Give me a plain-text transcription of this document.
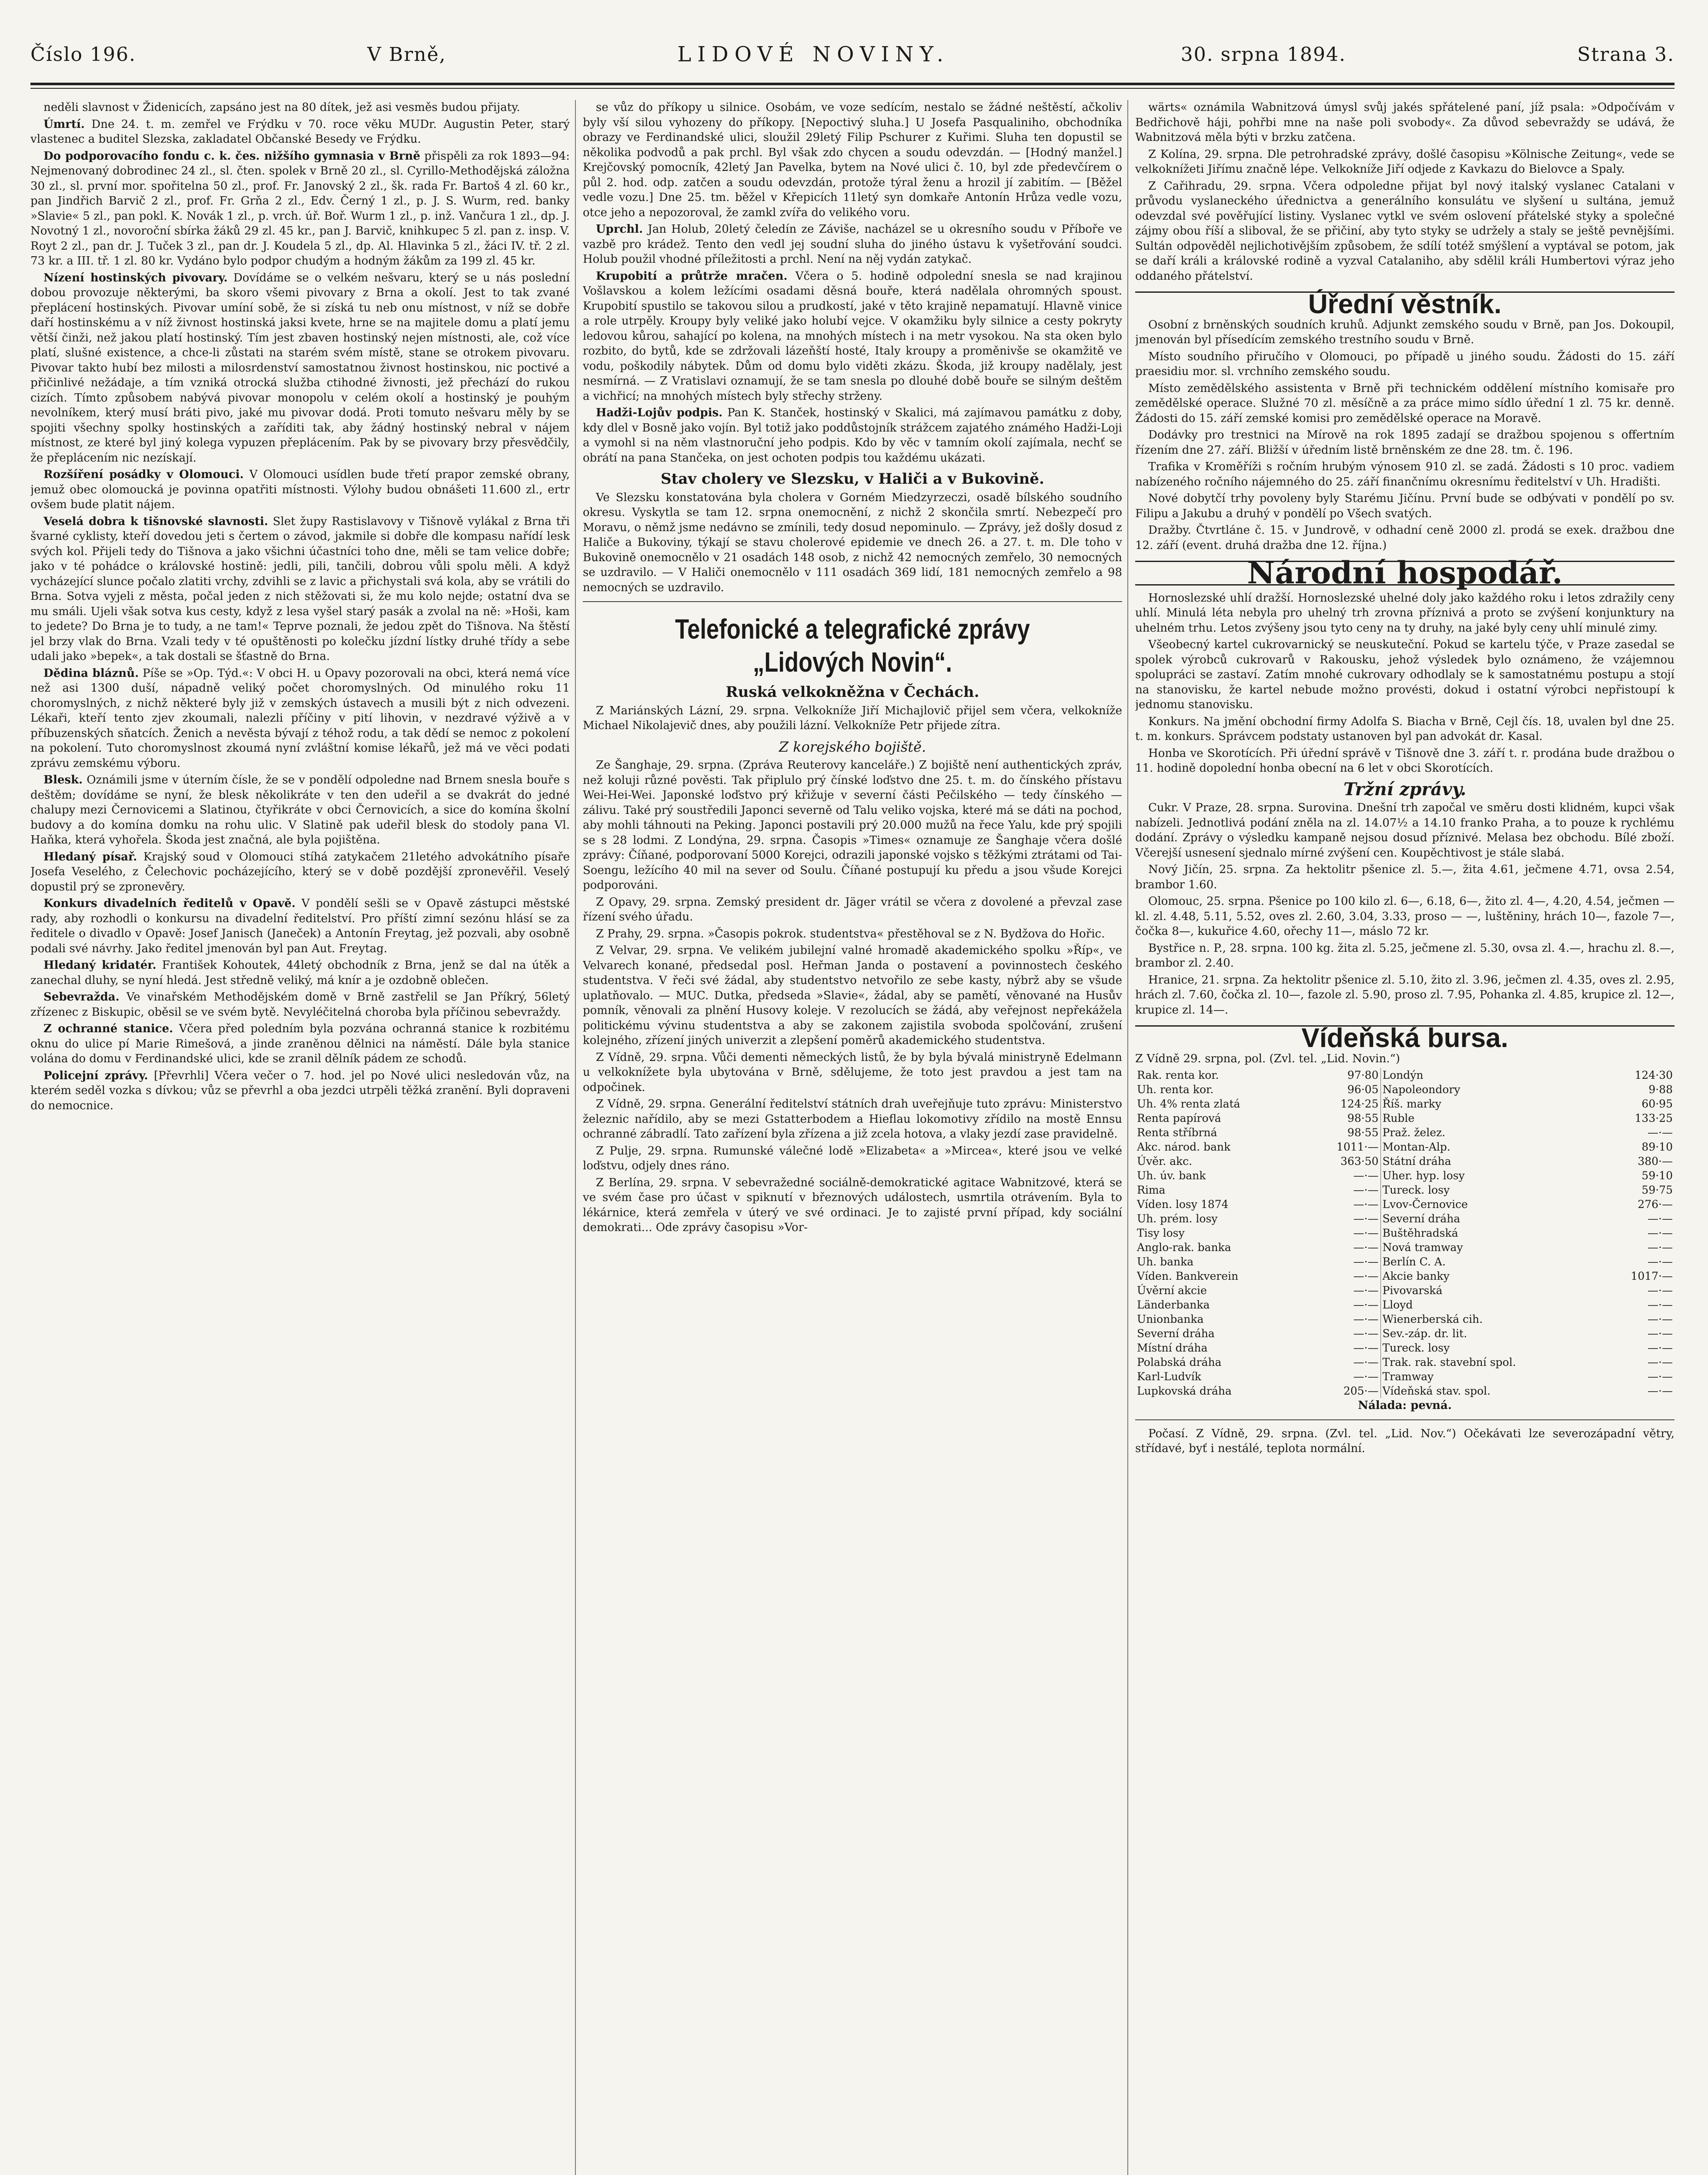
Číslo 196.	V Brně,	LIDOVÉ NOVINY.	30. srpna 1894.	Strana 3.

neděli slavnost v Židenicích, zapsáno jest na 80 dítek, jež asi vesměs budou přijaty.

Úmrtí. Dne 24. t. m. zemřel ve Frýdku v 70. roce věku MUDr. Augustin Peter, starý vlastenec a buditel Slezska, zakladatel Občanské Besedy ve Frýdku.

Do podporovacího fondu c. k. čes. nižšího gymnasia v Brně přispěli za rok 1893—94: Nejmenovaný dobrodinec 24 zl., sl. čten. spolek v Brně 20 zl., sl. Cyrillo-Methodějská záložna 30 zl., sl. první mor. spořitelna 50 zl., prof. Fr. Janovský 2 zl., šk. rada Fr. Bartoš 4 zl. 60 kr., pan Jindřich Barvič 2 zl., prof. Fr. Grňa 2 zl., Edv. Černý 1 zl., p. J. S. Wurm, red. banky »Slavie« 5 zl., pan pokl. K. Novák 1 zl., p. vrch. úř. Boř. Wurm 1 zl., p. inž. Vančura 1 zl., dp. J. Novotný 1 zl., novoroční sbírka žáků 29 zl. 45 kr., pan J. Barvič, knihkupec 5 zl. pan z. insp. V. Royt 2 zl., pan dr. J. Tuček 3 zl., pan dr. J. Koudela 5 zl., dp. Al. Hlavinka 5 zl., žáci IV. tř. 2 zl. 73 kr. a III. tř. 1 zl. 80 kr. Vydáno bylo podpor chudým a hodným žákům za 199 zl. 45 kr.

Nízení hostinských pivovary. Dovídáme se o velkém nešvaru, který se u nás poslední dobou provozuje některými, ba skoro všemi pivovary z Brna a okolí. Jest to tak zvané přeplácení hostinských. Pivovar umíní sobě, že si získá tu neb onu místnost, v níž se dobře daří hostinskému a v níž živnost hostinská jaksi kvete, hrne se na majitele domu a platí jemu větší činži, než jakou platí hostinský. Tím jest zbaven hostinský nejen místnosti, ale, což více platí, slušné existence, a chce-li zůstati na starém svém místě, stane se otrokem pivovaru. Pivovar takto hubí bez milosti a milosrdenství samostatnou živnost hostinskou, nic poctivé a přičinlivé nežádaje, a tím vzniká otrocká služba ctihodné živnosti, jež přechází do rukou cizích. Tímto způsobem nabývá pivovar monopolu v celém okolí a hostinský je pouhým nevolníkem, který musí bráti pivo, jaké mu pivovar dodá. Proti tomuto nešvaru měly by se spojiti všechny spolky hostinských a zaříditi tak, aby žádný hostinský nebral v nájem místnost, ze které byl jiný kolega vypuzen přeplácením. Pak by se pivovary brzy přesvědčily, že přeplácením nic nezískají.

Rozšíření posádky v Olomouci. V Olomouci usídlen bude třetí prapor zemské obrany, jemuž obec olomoucká je povinna opatřiti místnosti. Výlohy budou obnášeti 11.600 zl., ertr ovšem bude platit nájem.

Veselá dobra k tišnovské slavnosti. Slet župy Rastislavovy v Tišnově vylákal z Brna tři švarné cyklisty, kteří dovedou jeti s čertem o závod, jakmile si dobře dle kompasu nařídí lesk svých kol. Přijeli tedy do Tišnova a jako všichni účastníci toho dne, měli se tam velice dobře; jako v té pohádce o královské hostině: jedli, pili, tančili, dobrou vůli spolu měli. A když vycházející slunce počalo zlatiti vrchy, zdvihli se z lavic a přichystali svá kola, aby se vrátili do Brna. Sotva vyjeli z města, počal jeden z nich stěžovati si, že mu kolo nejde; ostatní dva se mu smáli. Ujeli však sotva kus cesty, když z lesa vyšel starý pasák a zvolal na ně: »Hoši, kam to jedete? Do Brna je to tudy, a ne tam!« Teprve poznali, že jedou zpět do Tišnova. Na štěstí jel brzy vlak do Brna. Vzali tedy v té opuštěnosti po kolečku jízdní lístky druhé třídy a sebe udali jako »bepek«, a tak dostali se šťastně do Brna.

Dědina bláznů. Píše se »Op. Týd.«: V obci H. u Opavy pozorovali na obci, která nemá více než asi 1300 duší, nápadně veliký počet choromyslných. Od minulého roku 11 choromyslných, z nichž některé byly již v zemských ústavech a musili být z nich odvezeni. Lékaři, kteří tento zjev zkoumali, nalezli příčiny v pití lihovin, v nezdravé výživě a v příbuzenských sňatcích. Ženich a nevěsta bývají z téhož rodu, a tak dědí se nemoc z pokolení na pokolení. Tuto choromyslnost zkoumá nyní zvláštní komise lékařů, jež má ve věci podati zprávu zemskému výboru.

Blesk. Oznámili jsme v úterním čísle, že se v pondělí odpoledne nad Brnem snesla bouře s deštěm; dovídáme se nyní, že blesk několikráte v ten den udeřil a se dvakrát do jedné chalupy mezi Černovicemi a Slatinou, čtyřikráte v obci Černovicích, a sice do komína školní budovy a do komína domku na rohu ulic. V Slatině pak udeřil blesk do stodoly pana Vl. Haňka, která vyhořela. Škoda jest značná, ale byla pojištěna.

Hledaný písař. Krajský soud v Olomouci stíhá zatykačem 21letého advokátního písaře Josefa Veselého, z Čelechovic pocházejícího, který se v době pozdější zpronevěřil. Veselý dopustil prý se zpronevěry.

Konkurs divadelních ředitelů v Opavě. V pondělí sešli se v Opavě zástupci městské rady, aby rozhodli o konkursu na divadelní ředitelství. Pro příští zimní sezónu hlásí se za ředitele o divadlo v Opavě: Josef Janisch (Janeček) a Antonín Freytag, jež pozvali, aby osobně podali své návrhy. Jako ředitel jmenován byl pan Aut. Freytag.

Hledaný kridatér. František Kohoutek, 44letý obchodník z Brna, jenž se dal na útěk a zanechal dluhy, se nyní hledá. Jest středně veliký, má knír a je ozdobně oblečen.

Sebevražda. Ve vinařském Methodějském domě v Brně zastřelil se Jan Příkrý, 56letý zřízenec z Biskupic, oběsil se ve svém bytě. Nevyléčitelná choroba byla příčinou sebevraždy.

Z ochranné stanice. Včera před poledním byla pozvána ochranná stanice k rozbitému oknu do ulice pí Marie Rimešová, a jinde zraněnou dělnici na náměstí. Dále byla stanice volána do domu v Ferdinandské ulici, kde se zranil dělník pádem ze schodů.

Policejní zprávy. [Převrhli] Včera večer o 7. hod. jel po Nové ulici nesledován vůz, na kterém seděl vozka s dívkou; vůz se převrhl a oba jezdci utrpěli těžká zranění. Byli dopraveni do nemocnice.

se vůz do příkopy u silnice. Osobám, ve voze sedícím, nestalo se žádné neštěstí, ačkoliv byly vší silou vyhozeny do příkopy. [Nepoctivý sluha.] U Josefa Pasqualiniho, obchodníka obrazy ve Ferdinandské ulici, sloužil 29letý Filip Pschurer z Kuřimi. Sluha ten dopustil se několika podvodů a pak prchl. Byl však zdo chycen a soudu odevzdán. — [Hodný manžel.] Krejčovský pomocník, 42letý Jan Pavelka, bytem na Nové ulici č. 10, byl zde předevčírem o půl 2. hod. odp. zatčen a soudu odevzdán, protože týral ženu a hrozil jí zabitím. — [Běžel vedle vozu.] Dne 25. tm. běžel v Křepicích 11letý syn domkaře Antonín Hrůza vedle vozu, otce jeho a nepozoroval, že zamkl zvířa do velikého voru.

Uprchl. Jan Holub, 20letý čeledín ze Záviše, nacházel se u okresního soudu v Příboře ve vazbě pro krádež. Tento den vedl jej soudní sluha do jiného ústavu k vyšetřování soudci. Holub použil vhodné příležitosti a prchl. Není na něj vydán zatykač.

Krupobití a průtrže mračen. Včera o 5. hodině odpolední snesla se nad krajinou Vošlavskou a kolem ležícími osadami děsná bouře, která nadělala ohromných spoust. Krupobití spustilo se takovou silou a prudkostí, jaké v těto krajině nepamatují. Hlavně vinice a role utrpěly. Kroupy byly veliké jako holubí vejce. V okamžiku byly silnice a cesty pokryty ledovou kůrou, sahající po kolena, na mnohých místech i na metr vysokou. Na sta oken bylo rozbito, do bytů, kde se zdržovali lázeňští hosté, Italy kroupy a proměnivše se okamžitě ve vodu, poškodily nábytek. Dům od domu bylo viděti zkázu. Škoda, již kroupy nadělaly, jest nesmírná. — Z Vratislavi oznamují, že se tam snesla po dlouhé době bouře se silným deštěm a vichřicí; na mnohých místech byly střechy strženy.

Hadži-Lojův podpis. Pan K. Stanček, hostinský v Skalici, má zajímavou památku z doby, kdy dlel v Bosně jako vojín. Byl totiž jako poddůstojník strážcem zajatého známého Hadži-Loji a vymohl si na něm vlastnoruční jeho podpis. Kdo by věc v tamním okolí zajímala, nechť se obrátí na pana Stančeka, on jest ochoten podpis tou každému ukázati.

Stav cholery ve Slezsku, v Haliči a v Bukovině.

Ve Slezsku konstatována byla cholera v Gorném Miedzyrzeczi, osadě bílského soudního okresu. Vyskytla se tam 12. srpna onemocnění, z nichž 2 skončila smrtí. Nebezpečí pro Moravu, o němž jsme nedávno se zmínili, tedy dosud nepominulo. — Zprávy, jež došly dosud z Haliče a Bukoviny, týkají se stavu cholerové epidemie ve dnech 26. a 27. t. m. Dle toho v Bukovině onemocnělo v 21 osadách 148 osob, z nichž 42 nemocných zemřelo, 30 nemocných se uzdravilo. — V Haliči onemocnělo v 111 osadách 369 lidí, 181 nemocných zemřelo a 98 nemocných se uzdravilo.

Telefonické a telegrafické zprávy „Lidových Novin“.
Ruská velkokněžna v Čechách.

Z Mariánských Lázní, 29. srpna. Velkokníže Jiří Michajlovič přijel sem včera, velkokníže Michael Nikolajevič dnes, aby použili lázní. Velkokníže Petr přijede zítra.

Z korejského bojiště.

Ze Šanghaje, 29. srpna. (Zpráva Reuterovy kanceláře.) Z bojiště není authentických zpráv, než koluji různé pověsti. Tak připlulo prý čínské loďstvo dne 25. t. m. do čínského přístavu Wei-Hei-Wei. Japonské loďstvo prý křižuje v severní části Pečilského — tedy čínského — zálivu. Také prý soustředili Japonci severně od Talu veliko vojska, které má se dáti na pochod, aby mohli táhnouti na Peking. Japonci postavili prý 20.000 mužů na řece Yalu, kde prý spojili se s 28 lodmi. Z Londýna, 29. srpna. Časopis »Times« oznamuje ze Šanghaje včera došlé zprávy: Číňané, podporovaní 5000 Korejci, odrazili japonské vojsko s těžkými ztrátami od Tai-Soengu, ležícího 40 mil na sever od Soulu. Číňané postupují ku předu a jsou všude Korejci podporováni.

Z Opavy, 29. srpna. Zemský president dr. Jäger vrátil se včera z dovolené a převzal zase řízení svého úřadu.

Z Prahy, 29. srpna. »Časopis pokrok. studentstva« přestěhoval se z N. Bydžova do Hořic.

Z Velvar, 29. srpna. Ve velikém jubilejní valné hromadě akademického spolku »Říp«, ve Velvarech konané, předsedal posl. Heřman Janda o postavení a povinnostech českého studentstva. V řeči své žádal, aby studentstvo netvořilo ze sebe kasty, nýbrž aby se všude uplatňovalo. — MUC. Dutka, předseda »Slavie«, žádal, aby se pamětí, věnované na Husův pomník, věnovali za plnění Husovy koleje. V rezolucích se žádá, aby veřejnost nepřekážela politickému vývinu studentstva a aby se zakonem zajistila svoboda spolčování, zrušení kolejného, zřízení jiných univerzit a zlepšení poměrů akademického studentstva.

Z Vídně, 29. srpna. Vůči dementi německých listů, že by byla bývalá ministryně Edelmann u velkoknížete byla ubytována v Brně, sdělujeme, že toto jest pravdou a jest tam na odpočinek.

Z Vídně, 29. srpna. Generální ředitelství státních drah uveřejňuje tuto zprávu: Ministerstvo železnic nařídilo, aby se mezi Gstatterbodem a Hieflau lokomotivy zřídilo na mostě Ennsu ochranné zábradlí. Tato zařízení byla zřízena a již zcela hotova, a vlaky jezdí zase pravidelně.

Z Pulje, 29. srpna. Rumunské válečné lodě »Elizabeta« a »Mircea«, které jsou ve velké loďstvu, odjely dnes ráno.

Z Berlína, 29. srpna. V sebevražedné sociálně-demokratické agitace Wabnitzové, která se ve svém čase pro účast v spiknutí v březnových událostech, usmrtila otrávením. Byla to lékárnice, která zemřela v úterý ve své ordinaci. Je to zajisté první případ, kdy sociální demokrati... Ode zprávy časopisu »Vor-

wärts« oznámila Wabnitzová úmysl svůj jakés spřátelené paní, jíž psala: »Odpočívám v Bedřichově háji, pohřbi mne na naše poli svobody«. Za důvod sebevraždy se udává, že Wabnitzová měla býti v brzku zatčena.

Z Kolína, 29. srpna. Dle petrohradské zprávy, došlé časopisu »Kölnische Zeitung«, vede se velkoknížeti Jiřímu značně lépe. Velkokníže Jiří odjede z Kavkazu do Bielovce a Spaly.

Z Cařihradu, 29. srpna. Včera odpoledne přijat byl nový italský vyslanec Catalani v průvodu vyslaneckého úřednictva a generálního konsulátu ve slyšení u sultána, jemuž odevzdal své pověřující listiny. Vyslanec vytkl ve svém oslovení přátelské styky a společné zájmy obou říší a sliboval, že se přičiní, aby tyto styky se udržely a staly se ještě pevnějšími. Sultán odpověděl nejlichotivějším způsobem, že sdílí totéž smýšlení a vyptával se potom, jak se daří králi a královské rodině a vyzval Catalaniho, aby sdělil králi Humbertovi výraz jeho oddaného přátelství.

Úřední věstník.

Osobní z brněnských soudních kruhů. Adjunkt zemského soudu v Brně, pan Jos. Dokoupil, jmenován byl přísedícím zemského trestního soudu v Brně.

Místo soudního přiručího v Olomouci, po případě u jiného soudu. Žádosti do 15. září praesidiu mor. sl. vrchního zemského soudu.

Místo zemědělského assistenta v Brně při technickém oddělení místního komisaře pro zemědělské operace. Služné 70 zl. měsíčně a za práce mimo sídlo úřední 1 zl. 75 kr. denně. Žádosti do 15. září zemské komisi pro zemědělské operace na Moravě.

Dodávky pro trestnici na Mírově na rok 1895 zadají se dražbou spojenou s offertním řízením dne 27. září. Bližší v úředním listě brněnském ze dne 28. tm. č. 196.

Trafika v Kroměříži s ročním hrubým výnosem 910 zl. se zadá. Žádosti s 10 proc. vadiem nabízeného ročního nájemného do 25. září finančnímu okresnímu ředitelství v Uh. Hradišti.

Nové dobytčí trhy povoleny byly Starému Jičínu. První bude se odbývati v pondělí po sv. Filipu a Jakubu a druhý v pondělí po Všech svatých.

Dražby. Čtvrtláne č. 15. v Jundrově, v odhadní ceně 2000 zl. prodá se exek. dražbou dne 12. září (event. druhá dražba dne 12. října.)

Národní hospodář.

Hornoslezské uhlí dražší. Hornoslezské uhelné doly jako každého roku i letos zdražily ceny uhlí. Minulá léta nebyla pro uhelný trh zrovna příznivá a proto se zvýšení konjunktury na uhelném trhu. Letos zvýšeny jsou tyto ceny na ty druhy, na jaké byly ceny uhlí minulé zimy.

Všeobecný kartel cukrovarnický se neuskuteční. Pokud se kartelu týče, v Praze zasedal se spolek výrobců cukrovarů v Rakousku, jehož výsledek bylo oznámeno, že vzájemnou spolupráci se zastaví. Zatím mnohé cukrovary odhodlaly se k samostatnému postupu a stojí na stanovisku, že kartel nebude možno provésti, dokud i ostatní výrobci nepřistoupí k jednomu stanovisku.

Konkurs. Na jmění obchodní firmy Adolfa S. Biacha v Brně, Cejl čís. 18, uvalen byl dne 25. t. m. konkurs. Správcem podstaty ustanoven byl pan advokát dr. Kasal.

Honba ve Skorotících. Při úřední správě v Tišnově dne 3. září t. r. prodána bude dražbou o 11. hodině dopolední honba obecní na 6 let v obci Skorotících.

Tržní zprávy.

Cukr. V Praze, 28. srpna. Surovina. Dnešní trh započal ve směru dosti klidném, kupci však nabízeli. Jednotlivá podání zněla na zl. 14.07½ a 14.10 franko Praha, a to pouze k rychlému dodání. Zprávy o výsledku kampaně nejsou dosud příznivé. Melasa bez obchodu. Bílé zboží. Včerejší usnesení sjednalo mírné zvýšení cen. Koupěchtivost je stále slabá.

Nový Jičín, 25. srpna. Za hektolitr pšenice zl. 5.—, žita 4.61, ječmene 4.71, ovsa 2.54, brambor 1.60.

Olomouc, 25. srpna. Pšenice po 100 kilo zl. 6—, 6.18, 6—, žito zl. 4—, 4.20, 4.54, ječmen — kl. zl. 4.48, 5.11, 5.52, oves zl. 2.60, 3.04, 3.33, proso — —, luštěniny, hrách 10—, fazole 7—, čočka 8—, kukuřice 4.60, ořechy 11—, máslo 72 kr.

Bystřice n. P., 28. srpna. 100 kg. žita zl. 5.25, ječmene zl. 5.30, ovsa zl. 4.—, hrachu zl. 8.—, brambor zl. 2.40.

Hranice, 21. srpna. Za hektolitr pšenice zl. 5.10, žito zl. 3.96, ječmen zl. 4.35, oves zl. 2.95, hrách zl. 7.60, čočka zl. 10—, fazole zl. 5.90, proso zl. 7.95, Pohanka zl. 4.85, krupice zl. 12—, krupice zl. 14—.

Vídeňská bursa.

Z Vídně 29. srpna, pol. (Zvl. tel. „Lid. Novin.“)

Rak. renta kor.	97·80	Londýn	124·30
Uh. renta kor.	96·05	Napoleondory	9·88
Uh. 4% renta zlatá	124·25	Říš. marky	60·95
Renta papírová	98·55	Ruble	133·25
Renta stříbrná	98·55	Praž. želez.	—·—
Akc. národ. bank	1011·—	Montan-Alp.	89·10
Úvěr. akc.	363·50	Státní dráha	380·—
Uh. úv. bank	—·—	Uher. hyp. losy	59·10
Rima	—·—	Tureck. losy	59·75
Víden. losy 1874	—·—	Lvov-Černovice	276·—
Uh. prém. losy	—·—	Severní dráha	—·—
Tisy losy	—·—	Buštěhradská	—·—
Anglo-rak. banka	—·—	Nová tramway	—·—
Uh. banka	—·—	Berlín C. A.	—·—
Víden. Bankverein	—·—	Akcie banky	1017·—
Úvěrní akcie	—·—	Pivovarská	—·—
Länderbanka	—·—	Lloyd	—·—
Unionbanka	—·—	Wienerberská cih.	—·—
Severní dráha	—·—	Sev.-záp. dr. lit.	—·—
Místní dráha	—·—	Tureck. losy	—·—
Polabská dráha	—·—	Trak. rak. stavební spol.	—·—
Karl-Ludvík	—·—	Tramway	—·—
Lupkovská dráha	205·—	Vídeňská stav. spol.	—·—

Nálada: pevná.

Počasí. Z Vídně, 29. srpna. (Zvl. tel. „Lid. Nov.“) Očekávati lze severozápadní větry, střídavé, byť i nestálé, teplota normální.
